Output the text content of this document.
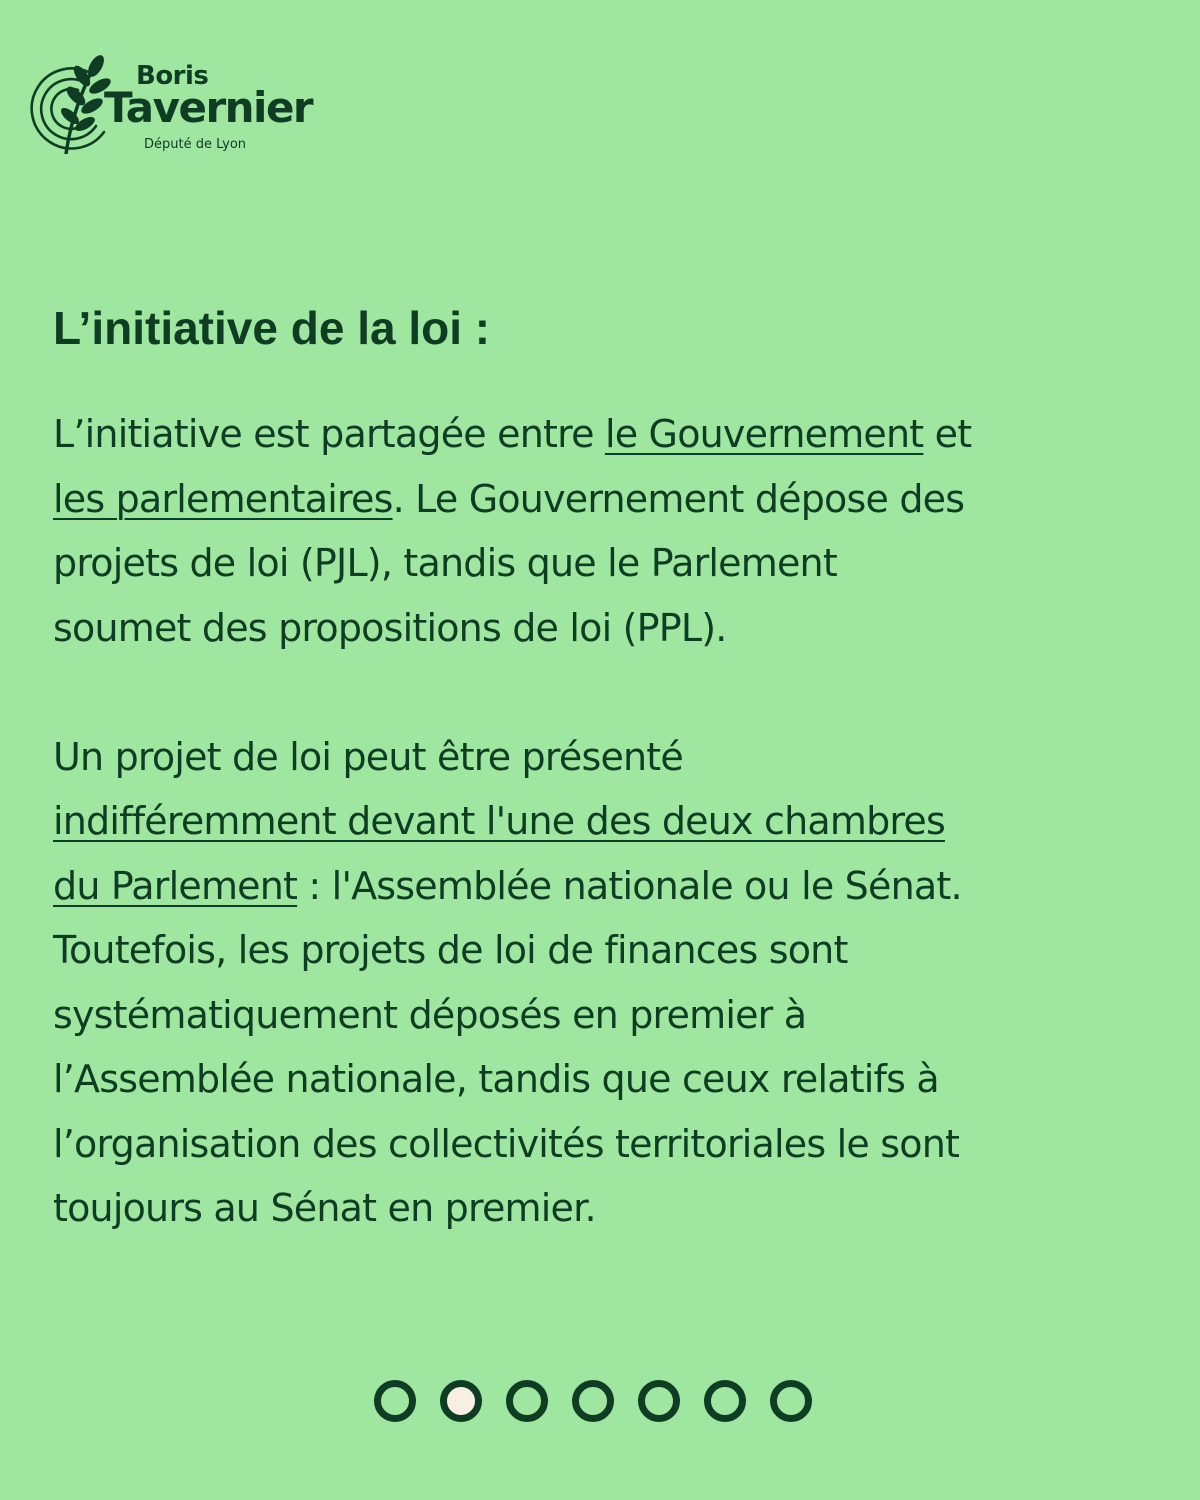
Boris
Tavernier
Député de Lyon
L’initiative de la loi :

L’initiative est partagée entre le Gouvernement et
les parlementaires. Le Gouvernement dépose des
projets de loi (PJL), tandis que le Parlement
soumet des propositions de loi (PPL).

Un projet de loi peut être présenté
indifféremment devant l'une des deux chambres
du Parlement : l'Assemblée nationale ou le Sénat.
Toutefois, les projets de loi de finances sont
systématiquement déposés en premier à
l’Assemblée nationale, tandis que ceux relatifs à
l’organisation des collectivités territoriales le sont
toujours au Sénat en premier.
